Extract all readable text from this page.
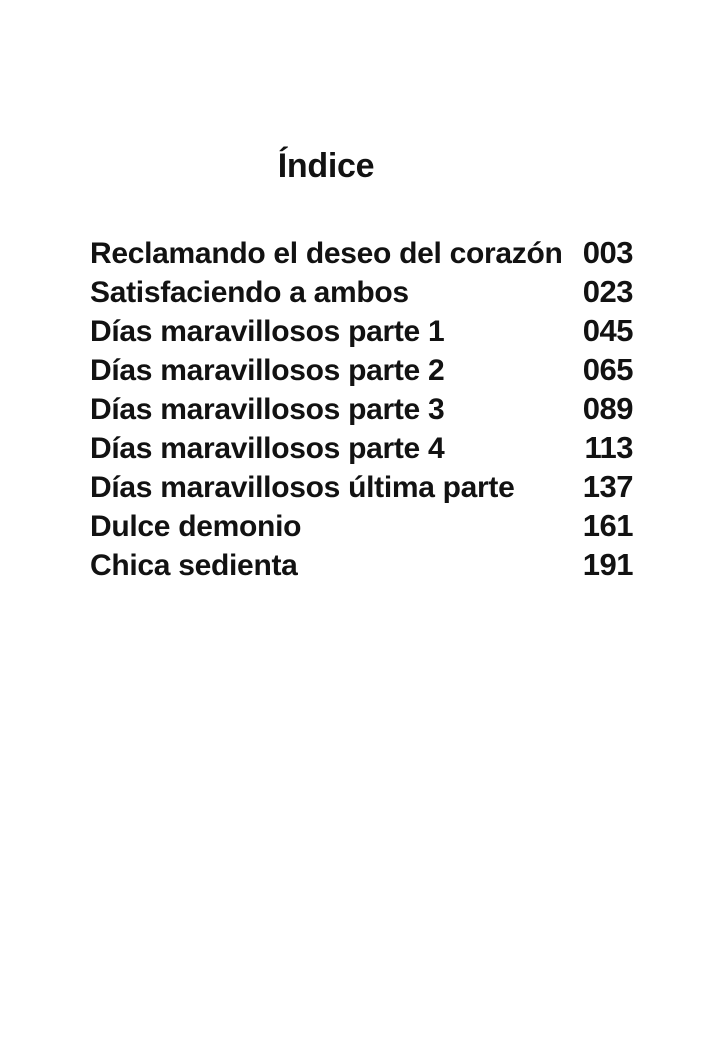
Índice
Reclamando el deseo del corazón 003
Satisfaciendo a ambos	023
Días maravillosos parte 1	045
Días maravillosos parte 2	065
Días maravillosos parte 3	089
Días maravillosos parte 4	113
Días maravillosos última parte 137
Dulce demonio	161
Chica sedienta	191
